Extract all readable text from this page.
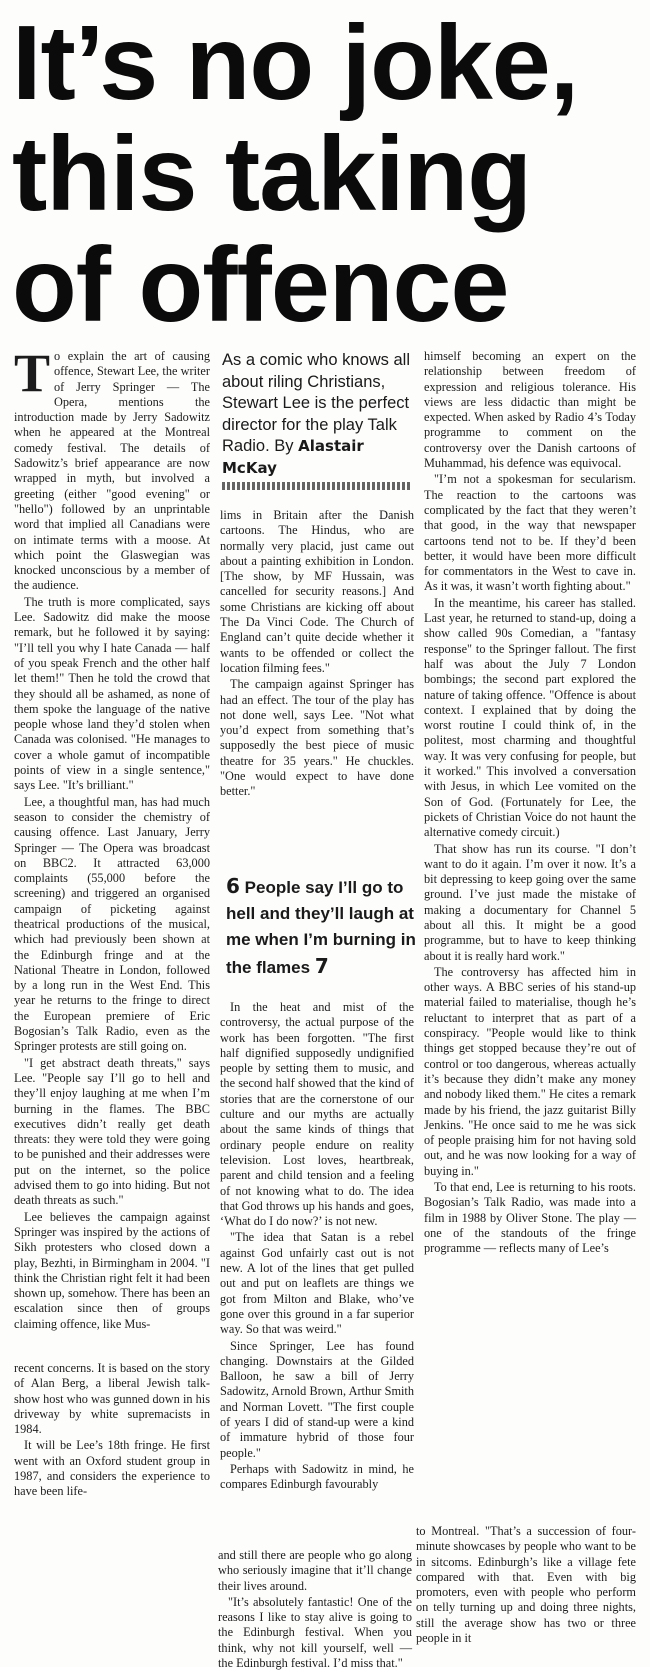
It’s no joke,
this taking
of offence

To explain the art of causing offence, Stewart Lee, the writer of Jerry Springer — The Opera, mentions the introduction made by Jerry Sadowitz when he appeared at the Montreal comedy festival. The details of Sadowitz’s brief appearance are now wrapped in myth, but involved a greeting (either "good evening" or "hello") followed by an unprintable word that implied all Canadians were on intimate terms with a moose. At which point the Glaswegian was knocked unconscious by a member of the audience.

The truth is more complicated, says Lee. Sadowitz did make the moose remark, but he followed it by saying: "I’ll tell you why I hate Canada — half of you speak French and the other half let them!" Then he told the crowd that they should all be ashamed, as none of them spoke the language of the native people whose land they’d stolen when Canada was colonised. "He manages to cover a whole gamut of incompatible points of view in a single sentence," says Lee. "It’s brilliant."

Lee, a thoughtful man, has had much season to consider the chemistry of causing offence. Last January, Jerry Springer — The Opera was broadcast on BBC2. It attracted 63,000 complaints (55,000 before the screening) and triggered an organised campaign of picketing against theatrical productions of the musical, which had previously been shown at the Edinburgh fringe and at the National Theatre in London, followed by a long run in the West End. This year he returns to the fringe to direct the European premiere of Eric Bogosian’s Talk Radio, even as the Springer protests are still going on.

"I get abstract death threats," says Lee. "People say I’ll go to hell and they’ll enjoy laughing at me when I’m burning in the flames. The BBC executives didn’t really get death threats: they were told they were going to be punished and their addresses were put on the internet, so the police advised them to go into hiding. But not death threats as such."

Lee believes the campaign against Springer was inspired by the actions of Sikh protesters who closed down a play, Bezhti, in Birmingham in 2004. "I think the Christian right felt it had been shown up, somehow. There has been an escalation since then of groups claiming offence, like Mus-

recent concerns. It is based on the story of Alan Berg, a liberal Jewish talk-show host who was gunned down in his driveway by white supremacists in 1984.

It will be Lee’s 18th fringe. He first went with an Oxford student group in 1987, and considers the experience to have been life-

As a comic who knows all about riling Christians, Stewart Lee is the perfect director for the play Talk Radio. By Alastair McKay

lims in Britain after the Danish cartoons. The Hindus, who are normally very placid, just came out about a painting exhibition in London. [The show, by MF Hussain, was cancelled for security reasons.] And some Christians are kicking off about The Da Vinci Code. The Church of England can’t quite decide whether it wants to be offended or collect the location filming fees."

The campaign against Springer has had an effect. The tour of the play has not done well, says Lee. "Not what you’d expect from something that’s supposedly the best piece of music theatre for 35 years." He chuckles. "One would expect to have done better."

6 People say I’ll go to hell and they’ll laugh at me when I’m burning in the flames 7

In the heat and mist of the controversy, the actual purpose of the work has been forgotten. "The first half dignified supposedly undignified people by setting them to music, and the second half showed that the kind of stories that are the cornerstone of our culture and our myths are actually about the same kinds of things that ordinary people endure on reality television. Lost loves, heartbreak, parent and child tension and a feeling of not knowing what to do. The idea that God throws up his hands and goes, ‘What do I do now?’ is not new.

"The idea that Satan is a rebel against God unfairly cast out is not new. A lot of the lines that get pulled out and put on leaflets are things we got from Milton and Blake, who’ve gone over this ground in a far superior way. So that was weird."

Since Springer, Lee has found changing. Downstairs at the Gilded Balloon, he saw a bill of Jerry Sadowitz, Arnold Brown, Arthur Smith and Norman Lovett. "The first couple of years I did of stand-up were a kind of immature hybrid of those four people."

Perhaps with Sadowitz in mind, he compares Edinburgh favourably

and still there are people who go along who seriously imagine that it’ll change their lives around.

"It’s absolutely fantastic! One of the reasons I like to stay alive is going to the Edinburgh festival. When you think, why not kill yourself, well — the Edinburgh festival. I’d miss that."

himself becoming an expert on the relationship between freedom of expression and religious tolerance. His views are less didactic than might be expected. When asked by Radio 4’s Today programme to comment on the controversy over the Danish cartoons of Muhammad, his defence was equivocal.

"I’m not a spokesman for secularism. The reaction to the cartoons was complicated by the fact that they weren’t that good, in the way that newspaper cartoons tend not to be. If they’d been better, it would have been more difficult for commentators in the West to cave in. As it was, it wasn’t worth fighting about."

In the meantime, his career has stalled. Last year, he returned to stand-up, doing a show called 90s Comedian, a "fantasy response" to the Springer fallout. The first half was about the July 7 London bombings; the second part explored the nature of taking offence. "Offence is about context. I explained that by doing the worst routine I could think of, in the politest, most charming and thoughtful way. It was very confusing for people, but it worked." This involved a conversation with Jesus, in which Lee vomited on the Son of God. (Fortunately for Lee, the pickets of Christian Voice do not haunt the alternative comedy circuit.)

That show has run its course. "I don’t want to do it again. I’m over it now. It’s a bit depressing to keep going over the same ground. I’ve just made the mistake of making a documentary for Channel 5 about all this. It might be a good programme, but to have to keep thinking about it is really hard work."

The controversy has affected him in other ways. A BBC series of his stand-up material failed to materialise, though he’s reluctant to interpret that as part of a conspiracy. "People would like to think things get stopped because they’re out of control or too dangerous, whereas actually it’s because they didn’t make any money and nobody liked them." He cites a remark made by his friend, the jazz guitarist Billy Jenkins. "He once said to me he was sick of people praising him for not having sold out, and he was now looking for a way of buying in."

To that end, Lee is returning to his roots. Bogosian’s Talk Radio, was made into a film in 1988 by Oliver Stone. The play — one of the standouts of the fringe programme — reflects many of Lee’s

to Montreal. "That’s a succession of four-minute showcases by people who want to be in sitcoms. Edinburgh’s like a village fete compared with that. Even with big promoters, even with people who perform on telly turning up and doing three nights, still the average show has two or three people in it
